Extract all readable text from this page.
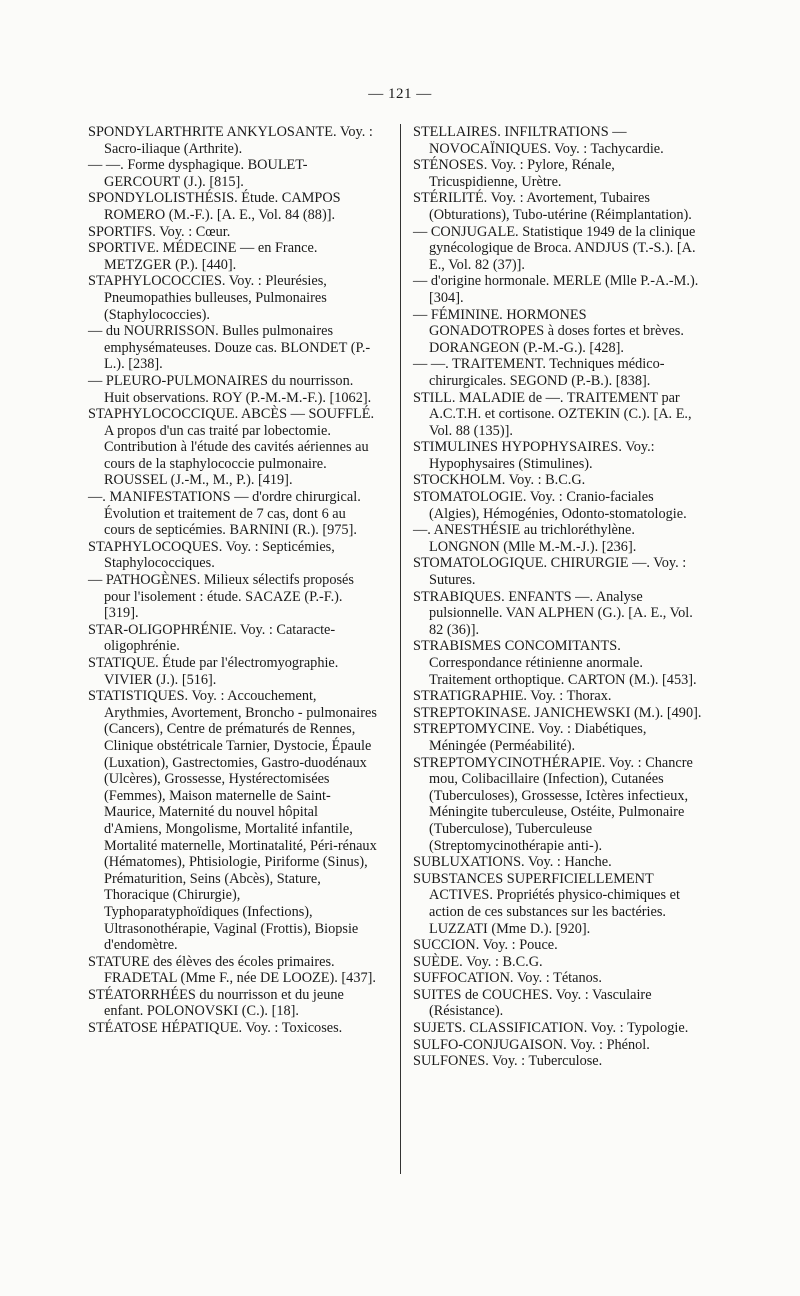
— 121 —

SPONDYLARTHRITE ANKYLOSANTE. Voy. : Sacro-iliaque (Arthrite).

— —. Forme dysphagique. BOULET-GERCOURT (J.). [815].

SPONDYLOLISTHÉSIS. Étude. CAMPOS ROMERO (M.-F.). [A. E., Vol. 84 (88)].

SPORTIFS. Voy. : Cœur.

SPORTIVE. MÉDECINE — en France. METZGER (P.). [440].

STAPHYLOCOCCIES. Voy. : Pleurésies, Pneumopathies bulleuses, Pulmonaires (Staphylococcies).

— du NOURRISSON. Bulles pulmonaires emphysémateuses. Douze cas. BLONDET (P.-L.). [238].

— PLEURO-PULMONAIRES du nourrisson. Huit observations. ROY (P.-M.-M.-F.). [1062].

STAPHYLOCOCCIQUE. ABCÈS — SOUFFLÉ. A propos d'un cas traité par lobectomie. Contribution à l'étude des cavités aériennes au cours de la staphylococcie pulmonaire. ROUSSEL (J.-M., M., P.). [419].

—. MANIFESTATIONS — d'ordre chirurgical. Évolution et traitement de 7 cas, dont 6 au cours de septicémies. BARNINI (R.). [975].

STAPHYLOCOQUES. Voy. : Septicémies, Staphylococciques.

— PATHOGÈNES. Milieux sélectifs proposés pour l'isolement : étude. SACAZE (P.-F.). [319].

STAR-OLIGOPHRÉNIE. Voy. : Cataracte-oligophrénie.

STATIQUE. Étude par l'électromyographie. VIVIER (J.). [516].

STATISTIQUES. Voy. : Accouchement, Arythmies, Avortement, Broncho - pulmonaires (Cancers), Centre de prématurés de Rennes, Clinique obstétricale Tarnier, Dystocie, Épaule (Luxation), Gastrectomies, Gastro-duodénaux (Ulcères), Grossesse, Hystérectomisées (Femmes), Maison maternelle de Saint-Maurice, Maternité du nouvel hôpital d'Amiens, Mongolisme, Mortalité infantile, Mortalité maternelle, Mortinatalité, Péri-rénaux (Hématomes), Phtisiologie, Piriforme (Sinus), Prématurition, Seins (Abcès), Stature, Thoracique (Chirurgie), Typhoparatyphoïdiques (Infections), Ultrasonothérapie, Vaginal (Frottis), Biopsie d'endomètre.

STATURE des élèves des écoles primaires. FRADETAL (Mme F., née DE LOOZE). [437].

STÉATORRHÉES du nourrisson et du jeune enfant. POLONOVSKI (C.). [18].

STÉATOSE HÉPATIQUE. Voy. : Toxicoses.

STELLAIRES. INFILTRATIONS — NOVOCAÏNIQUES. Voy. : Tachycardie.

STÉNOSES. Voy. : Pylore, Rénale, Tricuspidienne, Urètre.

STÉRILITÉ. Voy. : Avortement, Tubaires (Obturations), Tubo-utérine (Réimplantation).

— CONJUGALE. Statistique 1949 de la clinique gynécologique de Broca. ANDJUS (T.-S.). [A. E., Vol. 82 (37)].

— d'origine hormonale. MERLE (Mlle P.-A.-M.). [304].

— FÉMININE. HORMONES GONADOTROPES à doses fortes et brèves. DORANGEON (P.-M.-G.). [428].

— —. TRAITEMENT. Techniques médico-chirurgicales. SEGOND (P.-B.). [838].

STILL. MALADIE de —. TRAITEMENT par A.C.T.H. et cortisone. OZTEKIN (C.). [A. E., Vol. 88 (135)].

STIMULINES HYPOPHYSAIRES. Voy.: Hypophysaires (Stimulines).

STOCKHOLM. Voy. : B.C.G.

STOMATOLOGIE. Voy. : Cranio-faciales (Algies), Hémogénies, Odonto-stomatologie.

—. ANESTHÉSIE au trichloréthylène. LONGNON (Mlle M.-M.-J.). [236].

STOMATOLOGIQUE. CHIRURGIE —. Voy. : Sutures.

STRABIQUES. ENFANTS —. Analyse pulsionnelle. VAN ALPHEN (G.). [A. E., Vol. 82 (36)].

STRABISMES CONCOMITANTS. Correspondance rétinienne anormale. Traitement orthoptique. CARTON (M.). [453].

STRATIGRAPHIE. Voy. : Thorax.

STREPTOKINASE. JANICHEWSKI (M.). [490].

STREPTOMYCINE. Voy. : Diabétiques, Méningée (Perméabilité).

STREPTOMYCINOTHÉRAPIE. Voy. : Chancre mou, Colibacillaire (Infection), Cutanées (Tuberculoses), Grossesse, Ictères infectieux, Méningite tuberculeuse, Ostéite, Pulmonaire (Tuberculose), Tuberculeuse (Streptomycinothérapie anti-).

SUBLUXATIONS. Voy. : Hanche.

SUBSTANCES SUPERFICIELLEMENT ACTIVES. Propriétés physico-chimiques et action de ces substances sur les bactéries. LUZZATI (Mme D.). [920].

SUCCION. Voy. : Pouce.

SUÈDE. Voy. : B.C.G.

SUFFOCATION. Voy. : Tétanos.

SUITES de COUCHES. Voy. : Vasculaire (Résistance).

SUJETS. CLASSIFICATION. Voy. : Typologie.

SULFO-CONJUGAISON. Voy. : Phénol.

SULFONES. Voy. : Tuberculose.
